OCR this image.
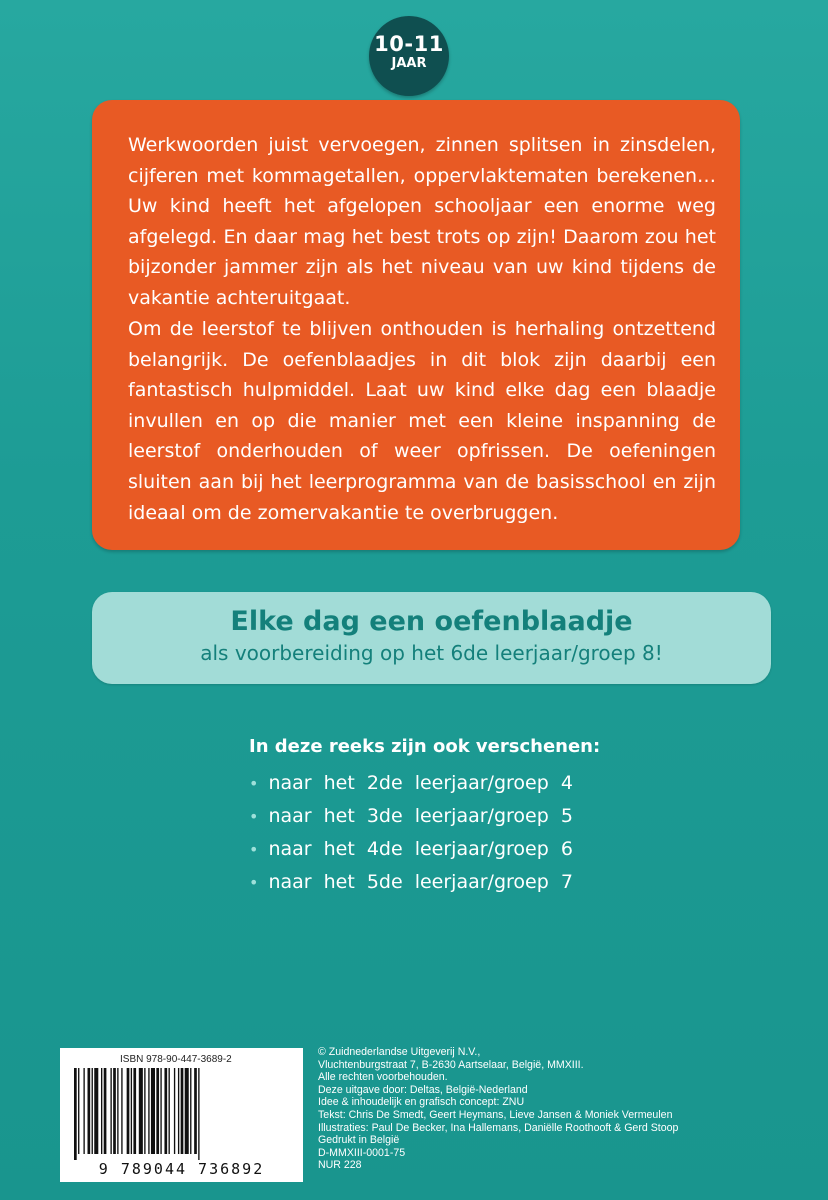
10-11
JAAR

Werkwoorden juist vervoegen, zinnen splitsen in zinsdelen, cijferen met kommagetallen, oppervlaktematen berekenen… Uw kind heeft het afgelopen schooljaar een enorme weg afgelegd. En daar mag het best trots op zijn! Daarom zou het bijzonder jammer zijn als het niveau van uw kind tijdens de vakantie achteruitgaat.

Om de leerstof te blijven onthouden is herhaling ontzettend belangrijk. De oefenblaadjes in dit blok zijn daarbij een fantastisch hulpmiddel. Laat uw kind elke dag een blaadje invullen en op die manier met een kleine inspanning de leerstof onderhouden of weer opfrissen. De oefeningen sluiten aan bij het leerprogramma van de basisschool en zijn ideaal om de zomervakantie te overbruggen.

Elke dag een oefenblaadje
als voorbereiding op het 6de leerjaar/groep 8!
In deze reeks zijn ook verschenen:
• naar het 2de leerjaar/groep 4
• naar het 3de leerjaar/groep 5
• naar het 4de leerjaar/groep 6
• naar het 5de leerjaar/groep 7
ISBN 978-90-447-3689-2
9 789044 736892
© Zuidnederlandse Uitgeverij N.V.,
Vluchtenburgstraat 7, B-2630 Aartselaar, België, MMXIII.
Alle rechten voorbehouden.
Deze uitgave door: Deltas, België-Nederland
Idee & inhoudelijk en grafisch concept: ZNU
Tekst: Chris De Smedt, Geert Heymans, Lieve Jansen & Moniek Vermeulen
Illustraties: Paul De Becker, Ina Hallemans, Daniëlle Roothooft & Gerd Stoop
Gedrukt in België
D-MMXIII-0001-75
NUR 228
